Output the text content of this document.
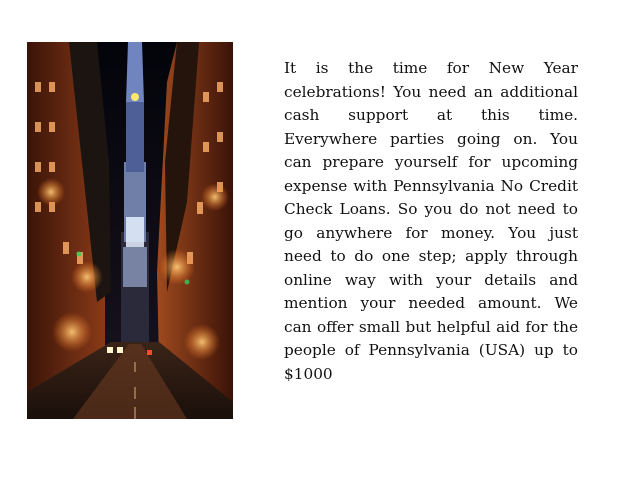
It is the time for New Year celebrations! You need an additional cash support at this time. Everywhere parties going on. You can prepare yourself for upcoming expense with Pennsylvania No Credit Check Loans. So you do not need to go anywhere for money. You just need to do one step; apply through online way with your details and mention your needed amount. We can offer small but helpful aid for the people of Pennsylvania (USA) up to $1000
